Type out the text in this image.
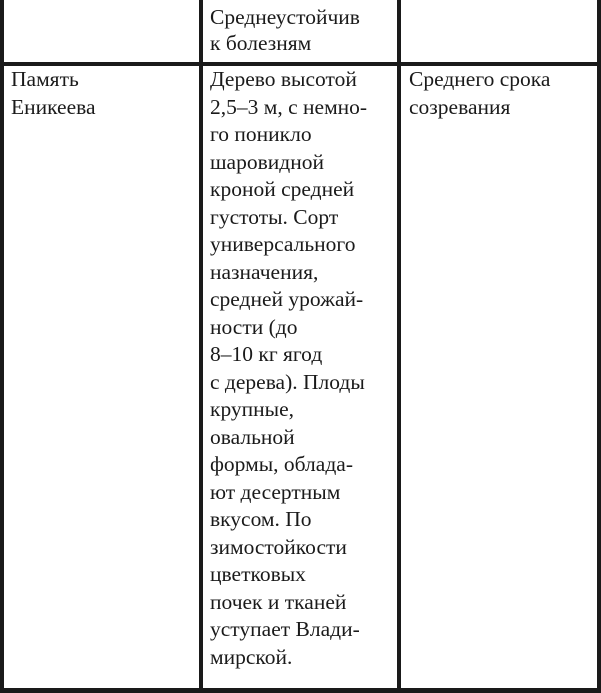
Среднеустойчив
к болезням
Память
Еникеева
Дерево высотой
2,5–3 м, с немно-
го поникло
шаровидной
кроной средней
густоты. Сорт
универсального
назначения,
средней урожай-
ности (до
8–10 кг ягод
с дерева). Плоды
крупные,
овальной
формы, облада-
ют десертным
вкусом. По
зимостойкости
цветковых
почек и тканей
уступает Влади-
мирской.
Среднего срока
созревания
